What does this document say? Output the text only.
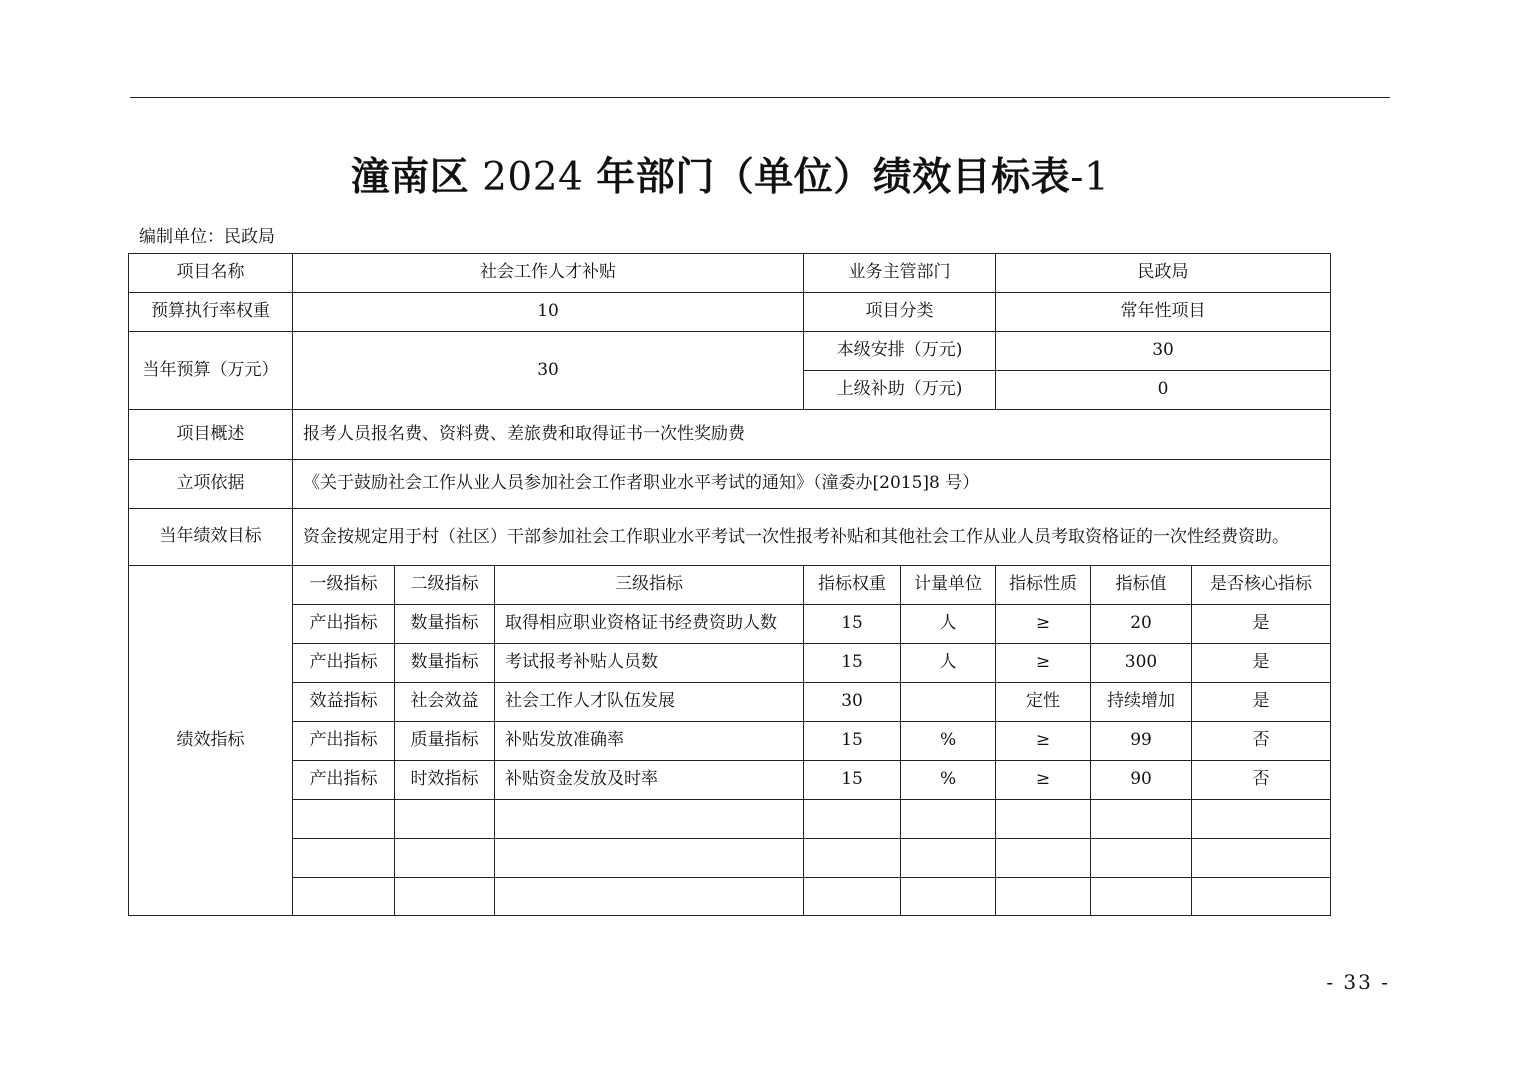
潼南区 2024 年部门（单位）绩效目标表-1
编制单位：民政局
项目名称	社会工作人才补贴			业务主管部门		民政局		
预算执行率权重	10			项目分类		常年性项目		
当年预算（万元）	30			本级安排（万元)		30		
				上级补助（万元)		0		
项目概述	报考人员报名费、资料费、差旅费和取得证书一次性奖励费							
立项依据	《关于鼓励社会工作从业人员参加社会工作者职业水平考试的通知》（潼委办[2015]8 号）							
当年绩效目标	资金按规定用于村（社区）干部参加社会工作职业水平考试一次性报考补贴和其他社会工作从业人员考取资格证的一次性经费资助。							
绩效指标	一级指标	二级指标	三级指标	指标权重	计量单位	指标性质	指标值	是否核心指标
	产出指标	数量指标	取得相应职业资格证书经费资助人数	15	人	≥	20	是
	产出指标	数量指标	考试报考补贴人员数	15	人	≥	300	是
	效益指标	社会效益	社会工作人才队伍发展	30		定性	持续增加	是
	产出指标	质量指标	补贴发放准确率	15	%	≥	99	否
	产出指标	时效指标	补贴资金发放及时率	15	%	≥	90	否

- 33 -
